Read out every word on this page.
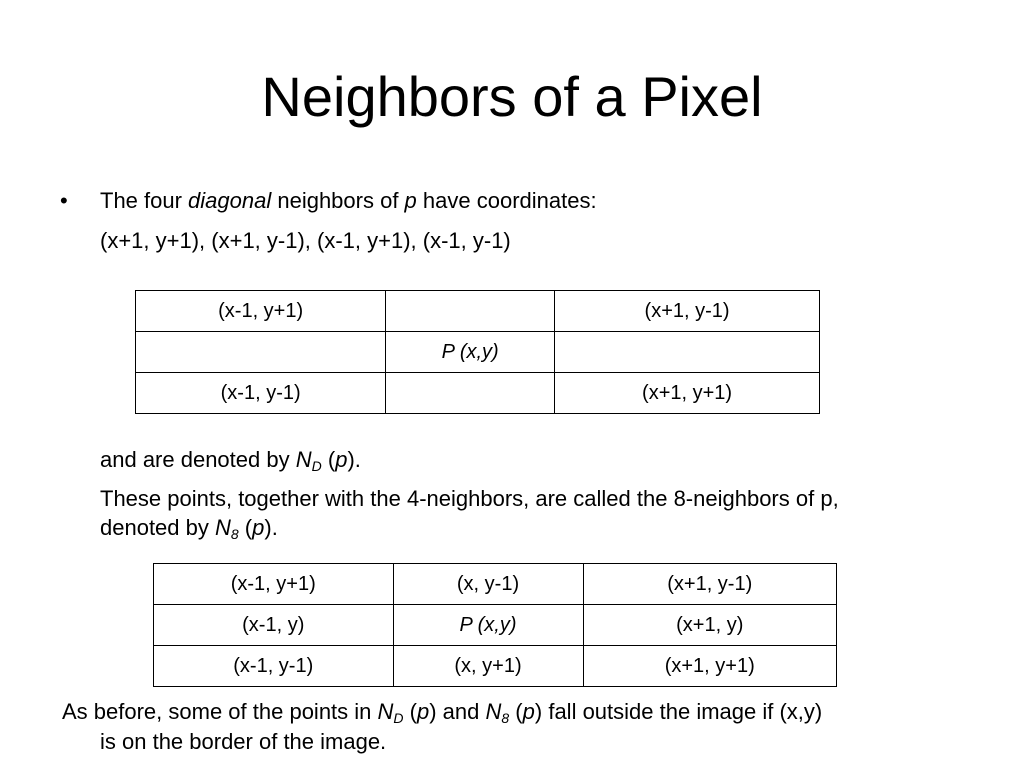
Neighbors of a Pixel
• The four diagonal neighbors of p have coordinates:
(x+1, y+1), (x+1, y-1), (x-1, y+1), (x-1, y-1)
(x-1, y+1)		(x+1, y-1)
	P (x,y)	
(x-1, y-1)		(x+1, y+1)
and are denoted by $N_D$ (p).
These points, together with the 4-neighbors, are called the 8-neighbors of p,
denoted by $N_8$ (p).
(x-1, y+1)	(x, y-1)	(x+1, y-1)
(x-1, y)	P (x,y)	(x+1, y)
(x-1, y-1)	(x, y+1)	(x+1, y+1)
As before, some of the points in $N_D$ (p) and $N_8$ (p) fall outside the image if (x,y)
is on the border of the image.
